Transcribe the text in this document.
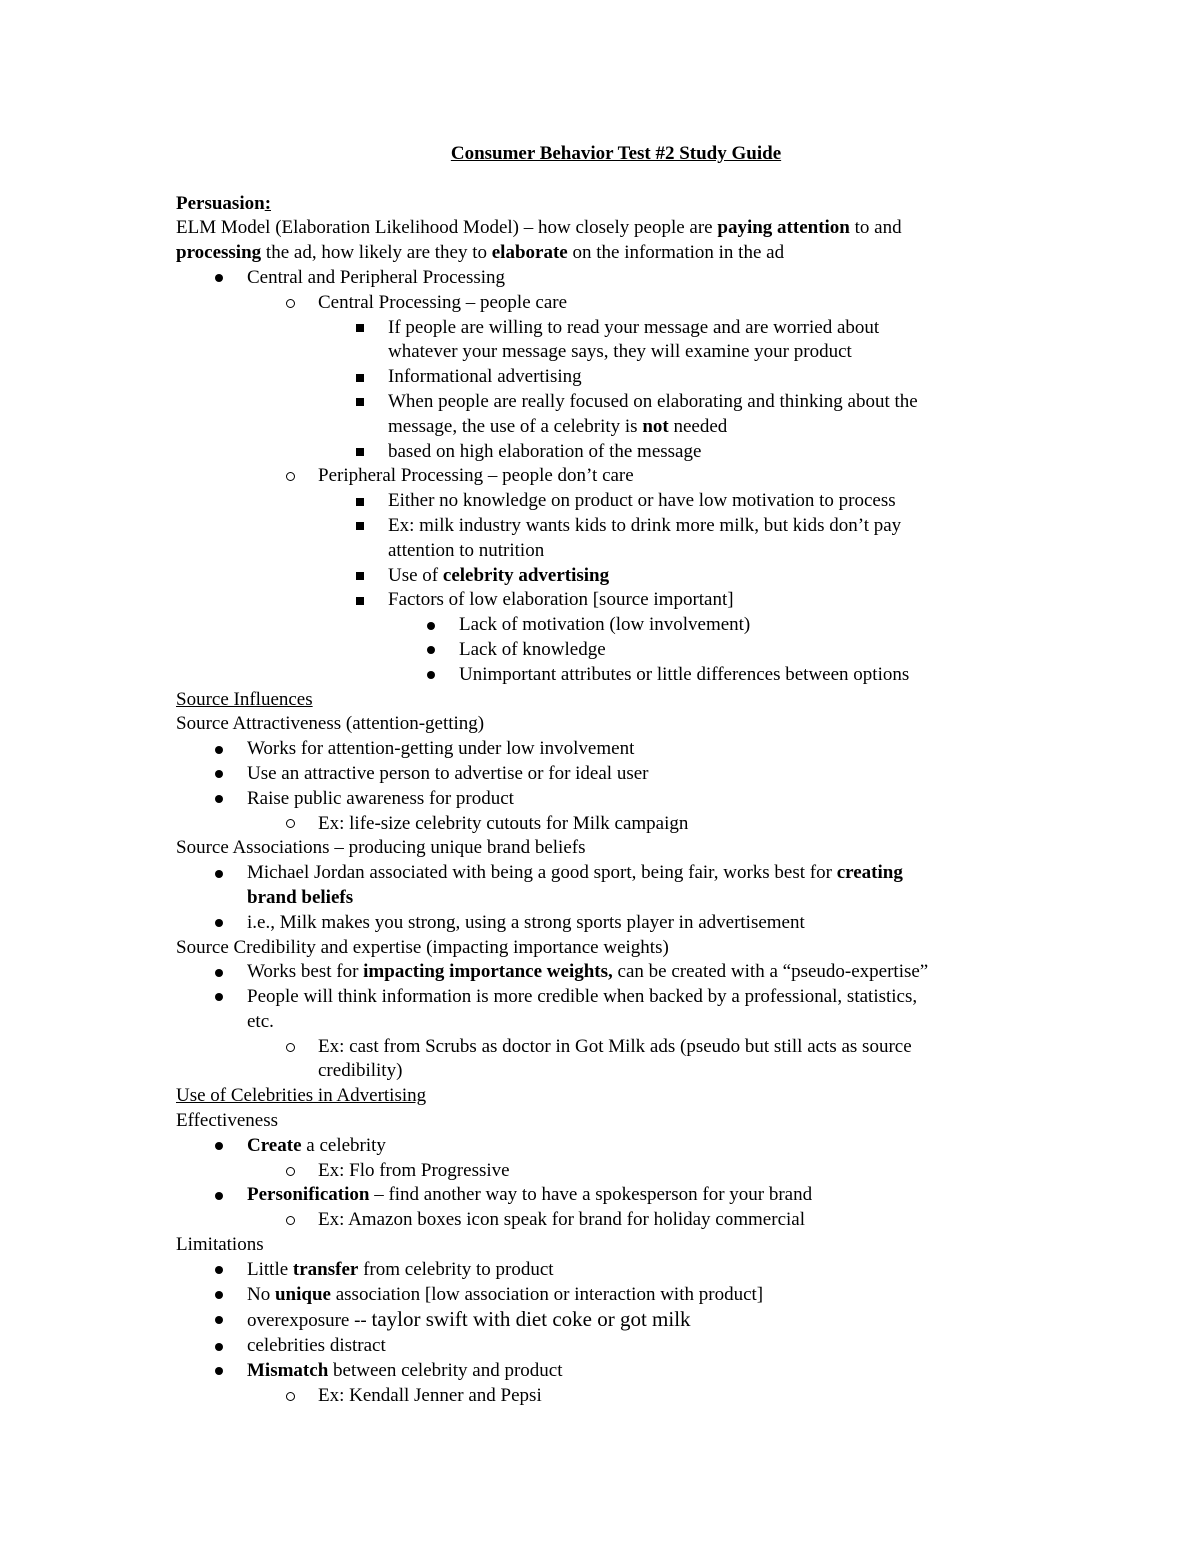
Consumer Behavior Test #2 Study Guide
Persuasion:
ELM Model (Elaboration Likelihood Model) – how closely people are paying attention to and
processing the ad, how likely are they to elaborate on the information in the ad
Central and Peripheral Processing
Central Processing – people care
If people are willing to read your message and are worried about
whatever your message says, they will examine your product
Informational advertising
When people are really focused on elaborating and thinking about the
message, the use of a celebrity is not needed
based on high elaboration of the message
Peripheral Processing – people don’t care
Either no knowledge on product or have low motivation to process
Ex: milk industry wants kids to drink more milk, but kids don’t pay
attention to nutrition
Use of celebrity advertising
Factors of low elaboration [source important]
Lack of motivation (low involvement)
Lack of knowledge
Unimportant attributes or little differences between options
Source Influences
Source Attractiveness (attention-getting)
Works for attention-getting under low involvement
Use an attractive person to advertise or for ideal user
Raise public awareness for product
Ex: life-size celebrity cutouts for Milk campaign
Source Associations – producing unique brand beliefs
Michael Jordan associated with being a good sport, being fair, works best for creating
brand beliefs
i.e., Milk makes you strong, using a strong sports player in advertisement
Source Credibility and expertise (impacting importance weights)
Works best for impacting importance weights, can be created with a “pseudo-expertise”
People will think information is more credible when backed by a professional, statistics,
etc.
Ex: cast from Scrubs as doctor in Got Milk ads (pseudo but still acts as source
credibility)
Use of Celebrities in Advertising
Effectiveness
Create a celebrity
Ex: Flo from Progressive
Personification – find another way to have a spokesperson for your brand
Ex: Amazon boxes icon speak for brand for holiday commercial
Limitations
Little transfer from celebrity to product
No unique association [low association or interaction with product]
overexposure -- taylor swift with diet coke or got milk
celebrities distract
Mismatch between celebrity and product
Ex: Kendall Jenner and Pepsi
